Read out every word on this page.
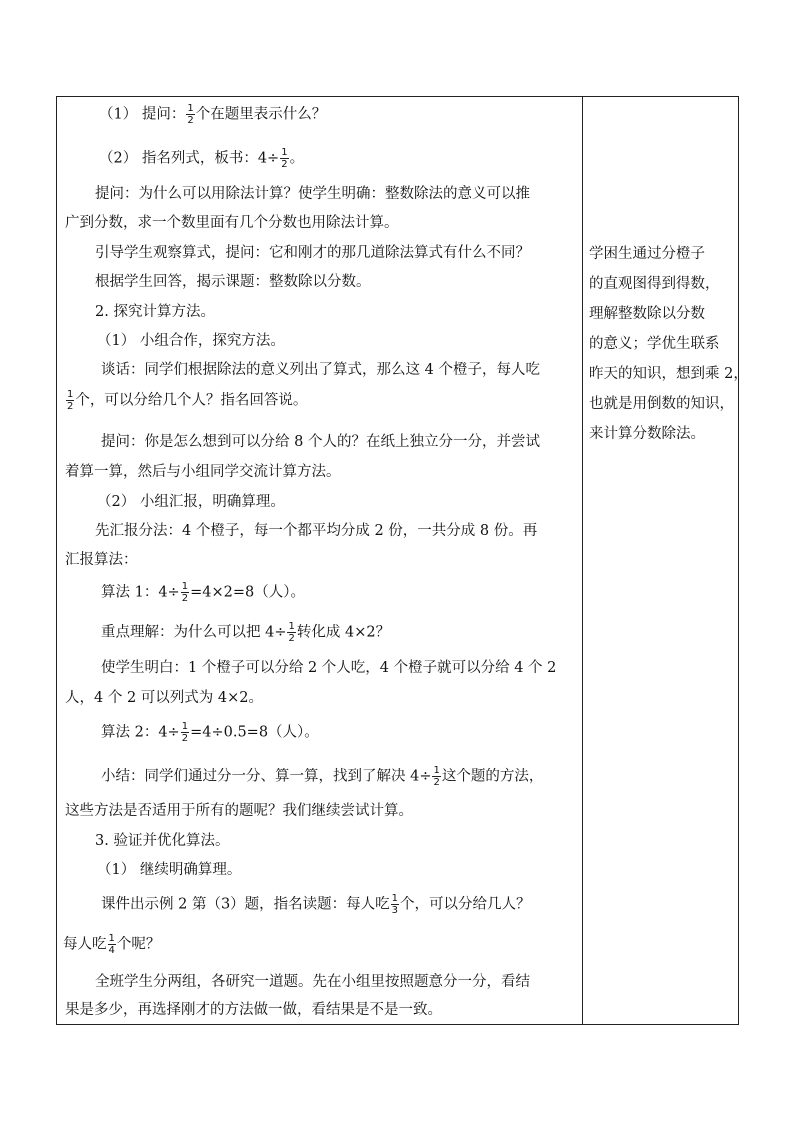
（1） 提问： $\frac{1}{2}$ 个在题里表示什么？
（2） 指名列式，板书：$4\div \frac{1}{2}$ 。
提问：为什么可以用除法计算？使学生明确：整数除法的意义可以推
广到分数，求一个数里面有几个分数也用除法计算。
引导学生观察算式，提问：它和刚才的那几道除法算式有什么不同？
根据学生回答，揭示课题：整数除以分数。
2. 探究计算方法。
（1） 小组合作，探究方法。
谈话：同学们根据除法的意义列出了算式，那么这 4 个橙子，每人吃
$\frac{1}{2}$ 个，可以分给几个人？指名回答说。
提问：你是怎么想到可以分给 8 个人的？在纸上独立分一分，并尝试
着算一算，然后与小组同学交流计算方法。
（2） 小组汇报，明确算理。
先汇报分法：4 个橙子，每一个都平均分成 2 份，一共分成 8 份。再
汇报算法：
算法 1：$4\div \frac{1}{2} =4\times 2=8$（人）。
重点理解：为什么可以把 $4\div \frac{1}{2}$ 转化成 4×2？
使学生明白：1 个橙子可以分给 2 个人吃，4 个橙子就可以分给 4 个 2
人，4 个 2 可以列式为 4×2。
算法 2：$4\div \frac{1}{2} =4\div 0.5=8$（人）。
小结：同学们通过分一分、算一算，找到了解决 $4\div \frac{1}{2}$ 这个题的方法，
这些方法是否适用于所有的题呢？我们继续尝试计算。
3. 验证并优化算法。
（1） 继续明确算理。
课件出示例 2 第（3）题，指名读题：每人吃 $\frac{1}{3}$ 个，可以分给几人？
每人吃 $\frac{1}{4}$ 个呢？
全班学生分两组，各研究一道题。先在小组里按照题意分一分，看结
果是多少，再选择刚才的方法做一做，看结果是不是一致。
学困生通过分橙子
的直观图得到得数，
理解整数除以分数
的意义；学优生联系
昨天的知识，想到乘 2，
也就是用倒数的知识，
来计算分数除法。
